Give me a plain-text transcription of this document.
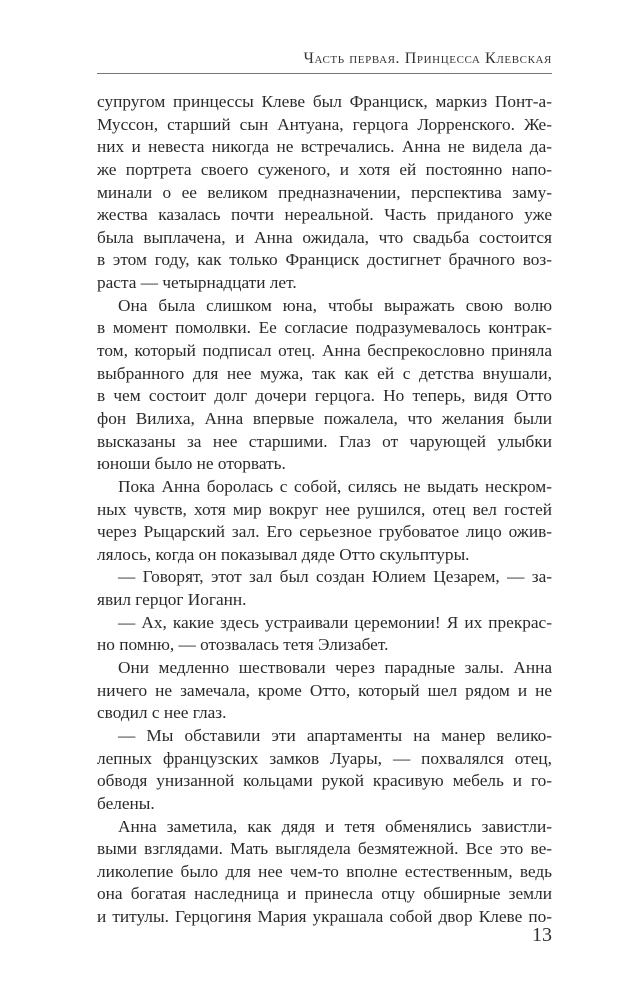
Часть первая. Принцесса Клевская
супругом принцессы Клеве был Франциск, маркиз Понт-а-
Муссон, старший сын Антуана, герцога Лорренского. Же-
них и невеста никогда не встречались. Анна не видела да-
же портрета своего суженого, и хотя ей постоянно напо-
минали о ее великом предназначении, перспектива заму-
жества казалась почти нереальной. Часть приданого уже
была выплачена, и Анна ожидала, что свадьба состоится
в этом году, как только Франциск достигнет брачного воз-
раста — четырнадцати лет.
Она была слишком юна, чтобы выражать свою волю
в момент помолвки. Ее согласие подразумевалось контрак-
том, который подписал отец. Анна беспрекословно приняла
выбранного для нее мужа, так как ей с детства внушали,
в чем состоит долг дочери герцога. Но теперь, видя Отто
фон Вилиха, Анна впервые пожалела, что желания были
высказаны за нее старшими. Глаз от чарующей улыбки
юноши было не оторвать.
Пока Анна боролась с собой, силясь не выдать нескром-
ных чувств, хотя мир вокруг нее рушился, отец вел гостей
через Рыцарский зал. Его серьезное грубоватое лицо ожив-
лялось, когда он показывал дяде Отто скульптуры.
— Говорят, этот зал был создан Юлием Цезарем, — за-
явил герцог Иоганн.
— Ах, какие здесь устраивали церемонии! Я их прекрас-
но помню, — отозвалась тетя Элизабет.
Они медленно шествовали через парадные залы. Анна
ничего не замечала, кроме Отто, который шел рядом и не
сводил с нее глаз.
— Мы обставили эти апартаменты на манер велико-
лепных французских замков Луары, — похвалялся отец,
обводя унизанной кольцами рукой красивую мебель и го-
белены.
Анна заметила, как дядя и тетя обменялись завистли-
выми взглядами. Мать выглядела безмятежной. Все это ве-
ликолепие было для нее чем-то вполне естественным, ведь
она богатая наследница и принесла отцу обширные земли
и титулы. Герцогиня Мария украшала собой двор Клеве по-
13
